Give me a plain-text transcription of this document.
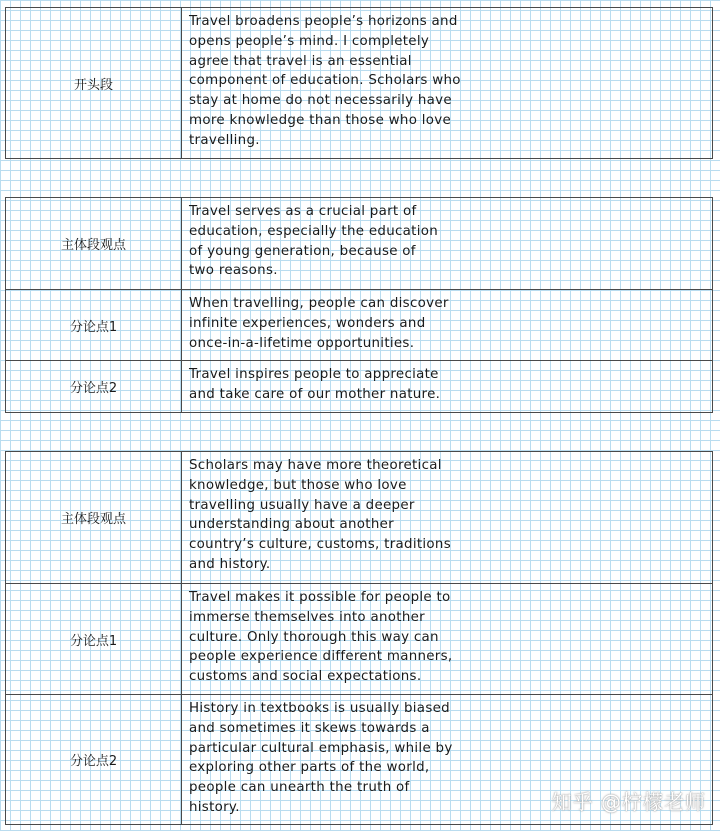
开头段
Travel broadens people’s horizons and
opens people’s mind. I completely
agree that travel is an essential
component of education. Scholars who
stay at home do not necessarily have
more knowledge than those who love
travelling.
主体段观点
Travel serves as a crucial part of
education, especially the education
of young generation, because of
two reasons.
分论点1
When travelling, people can discover
infinite experiences, wonders and
once-in-a-lifetime opportunities.
分论点2
Travel inspires people to appreciate
and take care of our mother nature.
主体段观点
Scholars may have more theoretical
knowledge, but those who love
travelling usually have a deeper
understanding about another
country’s culture, customs, traditions
and history.
分论点1
Travel makes it possible for people to
immerse themselves into another
culture. Only thorough this way can
people experience different manners,
customs and social expectations.
分论点2
History in textbooks is usually biased
and sometimes it skews towards a
particular cultural emphasis, while by
exploring other parts of the world,
people can unearth the truth of
history.	知乎 @柠檬老师
